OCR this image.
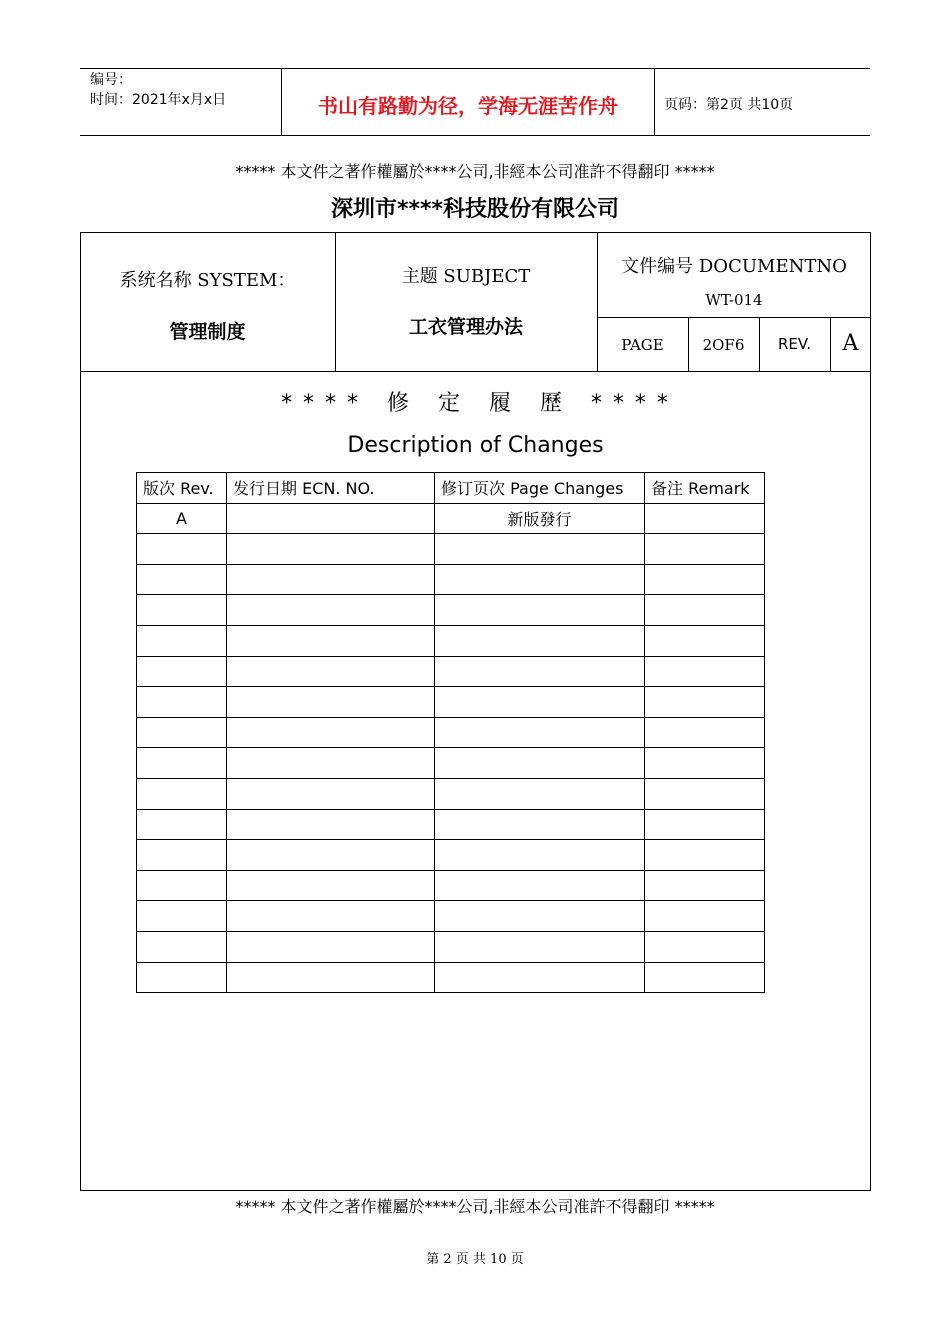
编号：
时间：2021年x月x日	书山有路勤为径，学海无涯苦作舟	页码：第2页 共10页
***** 本文件之著作權屬於****公司,非經本公司准許不得翻印 *****
深圳市****科技股份有限公司
系统名称 SYSTEM：
管理制度
主题 SUBJECT
工衣管理办法
文件编号 DOCUMENTNO
WT-014
PAGE	2OF6	REV.	A
* * * *   修   定   履   歷   * * * *
Description of Changes
版次 Rev.	发行日期 ECN. NO.	修订页次 Page Changes	备注 Remark
A		新版發行	

***** 本文件之著作權屬於****公司,非經本公司准許不得翻印 *****
第 2 页 共 10 页
